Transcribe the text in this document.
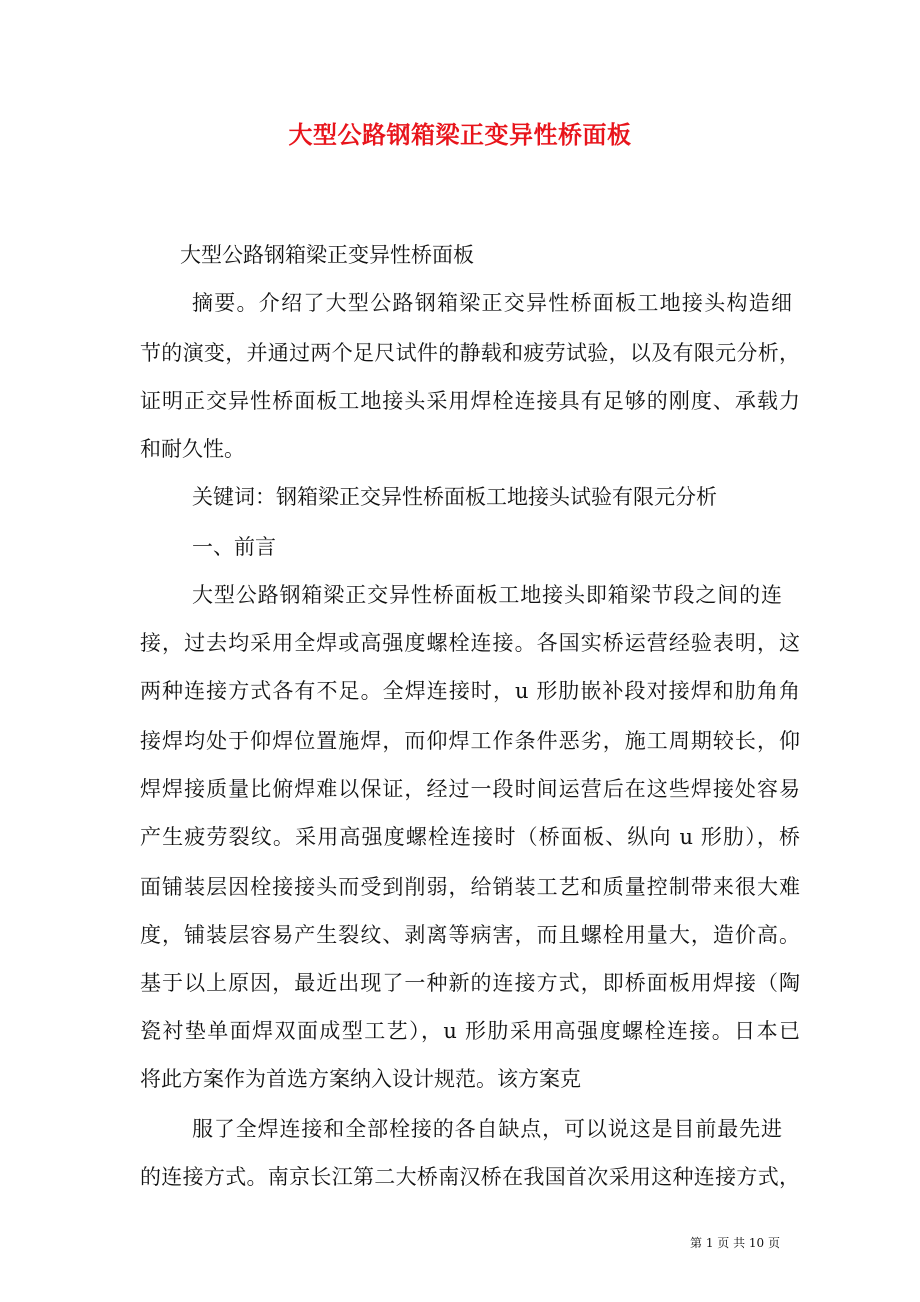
大型公路钢箱梁正变异性桥面板
大型公路钢箱梁正变异性桥面板
摘要。介绍了大型公路钢箱梁正交异性桥面板工地接头构造细
节的演变，并通过两个足尺试件的静载和疲劳试验，以及有限元分析，
证明正交异性桥面板工地接头采用焊栓连接具有足够的刚度、承载力
和耐久性。
关键词：钢箱梁正交异性桥面板工地接头试验有限元分析
一、前言
大型公路钢箱梁正交异性桥面板工地接头即箱梁节段之间的连
接，过去均采用全焊或高强度螺栓连接。各国实桥运营经验表明，这
两种连接方式各有不足。全焊连接时，u 形肋嵌补段对接焊和肋角角
接焊均处于仰焊位置施焊，而仰焊工作条件恶劣，施工周期较长，仰
焊焊接质量比俯焊难以保证，经过一段时间运营后在这些焊接处容易
产生疲劳裂纹。采用高强度螺栓连接时（桥面板、纵向 u 形肋），桥
面铺装层因栓接接头而受到削弱，给销装工艺和质量控制带来很大难
度，铺装层容易产生裂纹、剥离等病害，而且螺栓用量大，造价高。
基于以上原因，最近出现了一种新的连接方式，即桥面板用焊接（陶
瓷衬垫单面焊双面成型工艺），u 形肋采用高强度螺栓连接。日本已
将此方案作为首选方案纳入设计规范。该方案克
服了全焊连接和全部栓接的各自缺点，可以说这是目前最先进
的连接方式。南京长江第二大桥南汉桥在我国首次采用这种连接方式，
第 1 页 共 10 页
